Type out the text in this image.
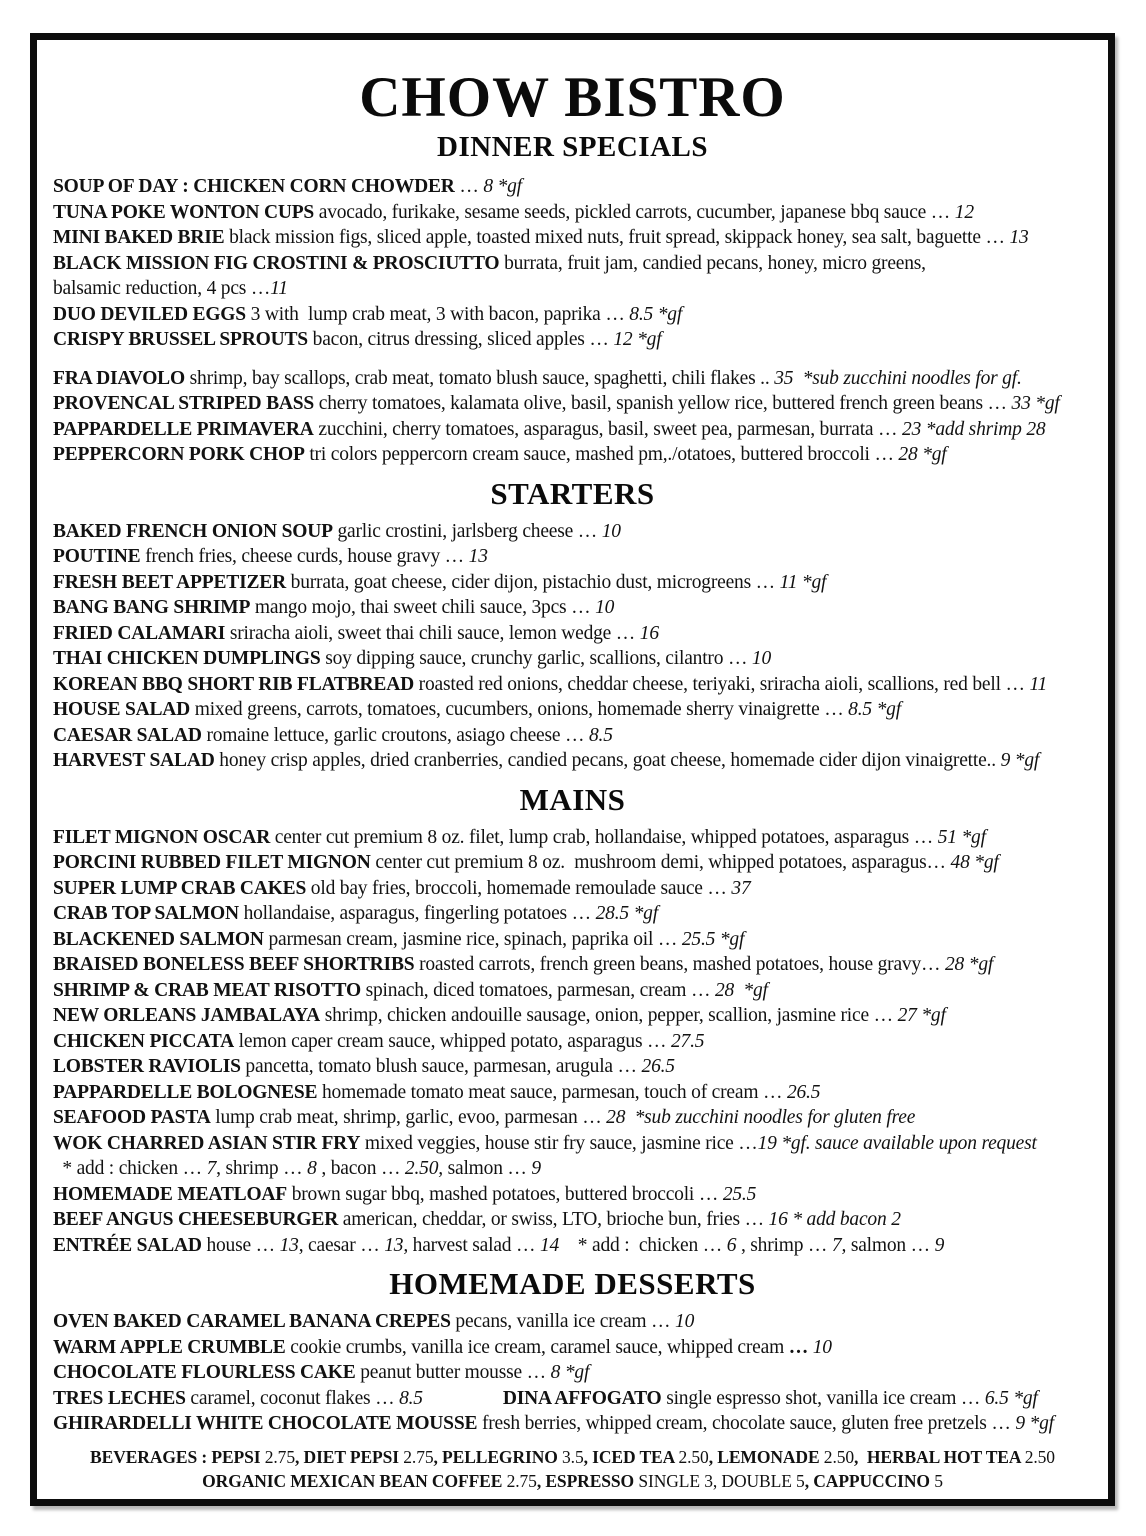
CHOW BISTRO
DINNER SPECIALS
SOUP OF DAY : CHICKEN CORN CHOWDER … 8 *gf
TUNA POKE WONTON CUPS avocado, furikake, sesame seeds, pickled carrots, cucumber, japanese bbq sauce … 12
MINI BAKED BRIE black mission figs, sliced apple, toasted mixed nuts, fruit spread, skippack honey, sea salt, baguette … 13
BLACK MISSION FIG CROSTINI & PROSCIUTTO burrata, fruit jam, candied pecans, honey, micro greens,
balsamic reduction, 4 pcs …11
DUO DEVILED EGGS 3 with  lump crab meat, 3 with bacon, paprika … 8.5 *gf
CRISPY BRUSSEL SPROUTS bacon, citrus dressing, sliced apples … 12 *gf
FRA DIAVOLO shrimp, bay scallops, crab meat, tomato blush sauce, spaghetti, chili flakes .. 35  *sub zucchini noodles for gf.
PROVENCAL STRIPED BASS cherry tomatoes, kalamata olive, basil, spanish yellow rice, buttered french green beans … 33 *gf
PAPPARDELLE PRIMAVERA zucchini, cherry tomatoes, asparagus, basil, sweet pea, parmesan, burrata … 23 *add shrimp 28
PEPPERCORN PORK CHOP tri colors peppercorn cream sauce, mashed pm,./otatoes, buttered broccoli … 28 *gf
STARTERS
BAKED FRENCH ONION SOUP garlic crostini, jarlsberg cheese … 10
POUTINE french fries, cheese curds, house gravy … 13
FRESH BEET APPETIZER burrata, goat cheese, cider dijon, pistachio dust, microgreens … 11 *gf
BANG BANG SHRIMP mango mojo, thai sweet chili sauce, 3pcs … 10
FRIED CALAMARI sriracha aioli, sweet thai chili sauce, lemon wedge … 16
THAI CHICKEN DUMPLINGS soy dipping sauce, crunchy garlic, scallions, cilantro … 10
KOREAN BBQ SHORT RIB FLATBREAD roasted red onions, cheddar cheese, teriyaki, sriracha aioli, scallions, red bell … 11
HOUSE SALAD mixed greens, carrots, tomatoes, cucumbers, onions, homemade sherry vinaigrette … 8.5 *gf
CAESAR SALAD romaine lettuce, garlic croutons, asiago cheese … 8.5
HARVEST SALAD honey crisp apples, dried cranberries, candied pecans, goat cheese, homemade cider dijon vinaigrette.. 9 *gf
MAINS
FILET MIGNON OSCAR center cut premium 8 oz. filet, lump crab, hollandaise, whipped potatoes, asparagus … 51 *gf
PORCINI RUBBED FILET MIGNON center cut premium 8 oz.  mushroom demi, whipped potatoes, asparagus… 48 *gf
SUPER LUMP CRAB CAKES old bay fries, broccoli, homemade remoulade sauce … 37
CRAB TOP SALMON hollandaise, asparagus, fingerling potatoes … 28.5 *gf
BLACKENED SALMON parmesan cream, jasmine rice, spinach, paprika oil … 25.5 *gf
BRAISED BONELESS BEEF SHORTRIBS roasted carrots, french green beans, mashed potatoes, house gravy… 28 *gf
SHRIMP & CRAB MEAT RISOTTO spinach, diced tomatoes, parmesan, cream … 28  *gf
NEW ORLEANS JAMBALAYA shrimp, chicken andouille sausage, onion, pepper, scallion, jasmine rice … 27 *gf
CHICKEN PICCATA lemon caper cream sauce, whipped potato, asparagus … 27.5
LOBSTER RAVIOLIS pancetta, tomato blush sauce, parmesan, arugula … 26.5
PAPPARDELLE BOLOGNESE homemade tomato meat sauce, parmesan, touch of cream … 26.5
SEAFOOD PASTA lump crab meat, shrimp, garlic, evoo, parmesan … 28  *sub zucchini noodles for gluten free
WOK CHARRED ASIAN STIR FRY mixed veggies, house stir fry sauce, jasmine rice …19 *gf. sauce available upon request
* add : chicken … 7, shrimp … 8 , bacon … 2.50, salmon … 9
HOMEMADE MEATLOAF brown sugar bbq, mashed potatoes, buttered broccoli … 25.5
BEEF ANGUS CHEESEBURGER american, cheddar, or swiss, LTO, brioche bun, fries … 16 * add bacon 2
ENTRÉE SALAD house … 13, caesar … 13, harvest salad … 14    * add :  chicken … 6 , shrimp … 7, salmon … 9
HOMEMADE DESSERTS
OVEN BAKED CARAMEL BANANA CREPES pecans, vanilla ice cream … 10
WARM APPLE CRUMBLE cookie crumbs, vanilla ice cream, caramel sauce, whipped cream … 10
CHOCOLATE FLOURLESS CAKE peanut butter mousse … 8 *gf
TRES LECHES caramel, coconut flakes … 8.5	DINA AFFOGATO single espresso shot, vanilla ice cream … 6.5 *gf
GHIRARDELLI WHITE CHOCOLATE MOUSSE fresh berries, whipped cream, chocolate sauce, gluten free pretzels … 9 *gf
BEVERAGES : PEPSI 2.75, DIET PEPSI 2.75, PELLEGRINO 3.5, ICED TEA 2.50, LEMONADE 2.50,  HERBAL HOT TEA 2.50
ORGANIC MEXICAN BEAN COFFEE 2.75, ESPRESSO SINGLE 3, DOUBLE 5, CAPPUCCINO 5
